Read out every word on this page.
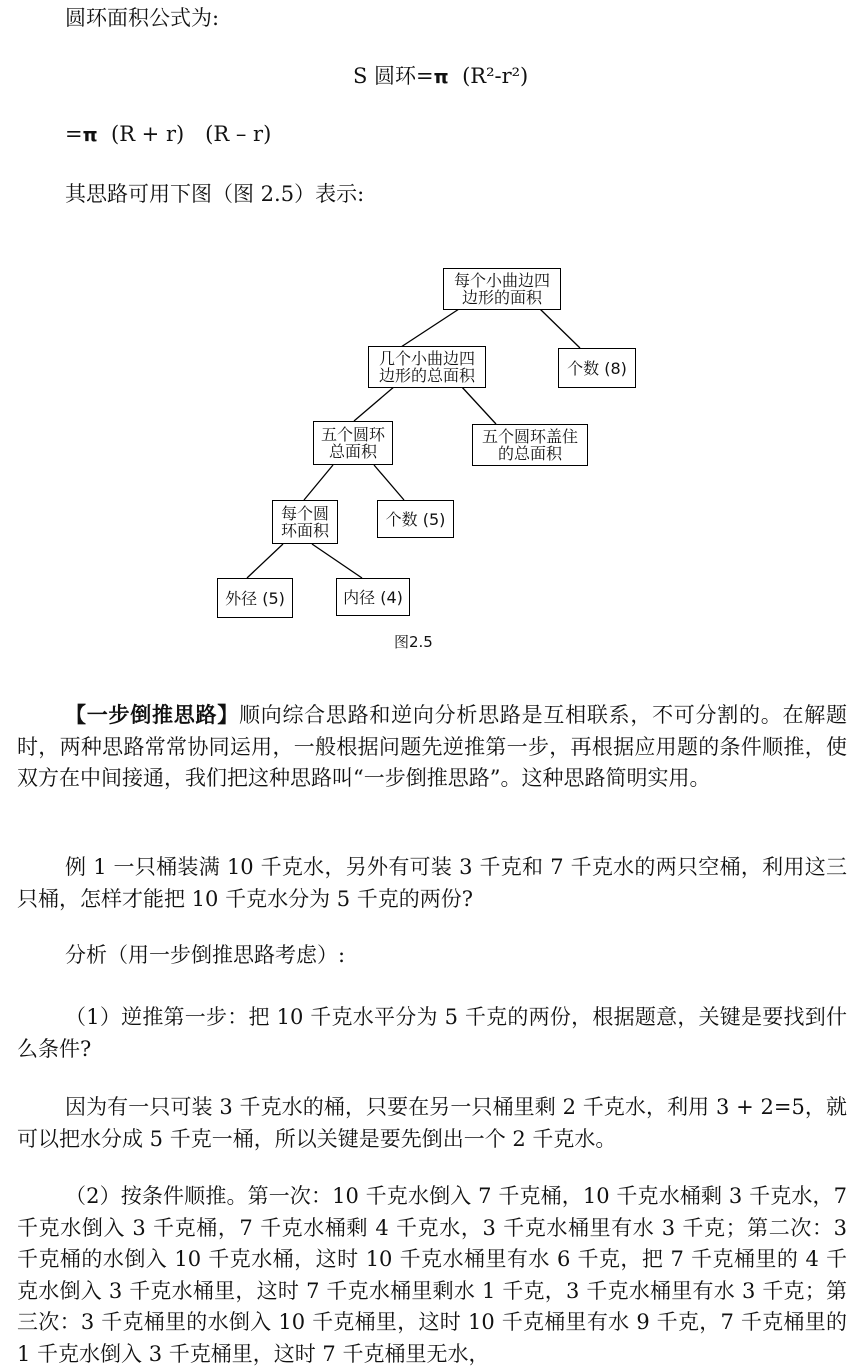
圆环面积公式为:
S 圆环=π (R²-r²)
=π (R + r)　(R – r)
其思路可用下图（图 2.5）表示:
每个小曲边四
边形的面积
几个小曲边四
边形的总面积	个数 (8)
五个圆环
总面积
五个圆环盖住
的总面积
每个圆
环面积
个数 (5)
外径 (5)	内径 (4)
图2.5

【一步倒推思路】顺向综合思路和逆向分析思路是互相联系，不可分割的。在解题时，两种思路常常协同运用，一般根据问题先逆推第一步，再根据应用题的条件顺推，使双方在中间接通，我们把这种思路叫“一步倒推思路”。这种思路简明实用。

例 1 一只桶装满 10 千克水，另外有可装 3 千克和 7 千克水的两只空桶，利用这三只桶，怎样才能把 10 千克水分为 5 千克的两份?

分析（用一步倒推思路考虑）:

（1）逆推第一步：把 10 千克水平分为 5 千克的两份，根据题意，关键是要找到什么条件?

因为有一只可装 3 千克水的桶，只要在另一只桶里剩 2 千克水，利用 3 + 2=5，就可以把水分成 5 千克一桶，所以关键是要先倒出一个 2 千克水。

（2）按条件顺推。第一次：10 千克水倒入 7 千克桶，10 千克水桶剩 3 千克水，7 千克水倒入 3 千克桶，7 千克水桶剩 4 千克水，3 千克水桶里有水 3 千克；第二次：3 千克桶的水倒入 10 千克水桶，这时 10 千克水桶里有水 6 千克，把 7 千克桶里的 4 千克水倒入 3 千克水桶里，这时 7 千克水桶里剩水 1 千克，3 千克水桶里有水 3 千克；第三次：3 千克桶里的水倒入 10 千克桶里，这时 10 千克桶里有水 9 千克，7 千克桶里的 1 千克水倒入 3 千克桶里，这时 7 千克桶里无水，
